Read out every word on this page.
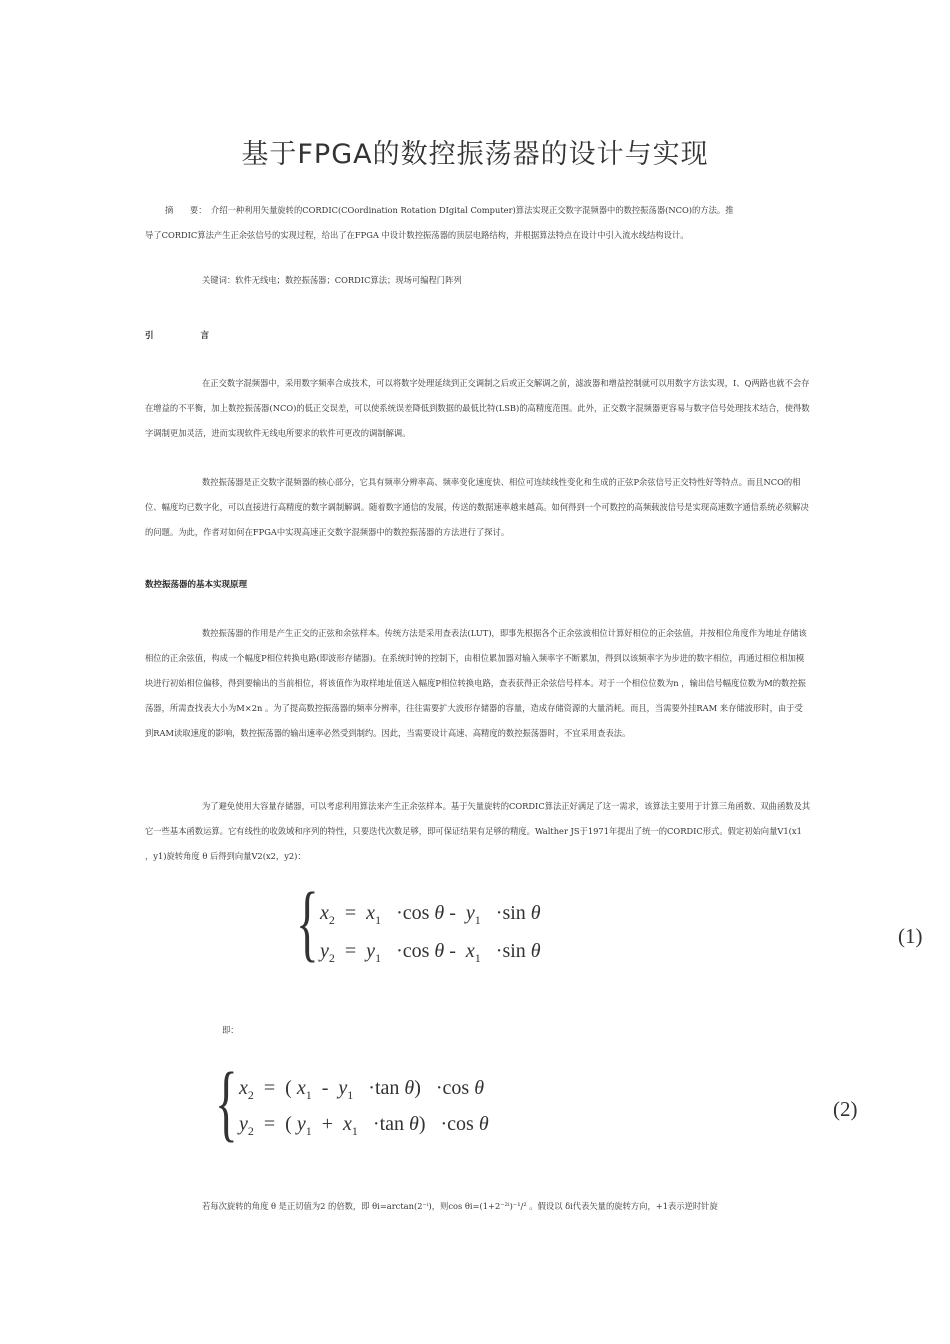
基于FPGA的数控振荡器的设计与实现
摘　　要： 介绍一种利用矢量旋转的CORDIC(COordination Rotation DIgital Computer)算法实现正交数字混频器中的数控振荡器(NCO)的方法。推
导了CORDIC算法产生正余弦信号的实现过程，给出了在FPGA 中设计数控振荡器的顶层电路结构，并根据算法特点在设计中引入流水线结构设计。
关键词：软件无线电；数控振荡器；CORDIC算法；现场可编程门阵列
引	言
在正交数字混频器中，采用数字频率合成技术，可以将数字处理延续到正交调制之后或正交解调之前，滤波器和增益控制就可以用数字方法实现，I、Q两路也就不会存在增益的不平衡，加上数控振荡器(NCO)的低正交误差，可以使系统误差降低到数据的最低比特(LSB)的高精度范围。此外，正交数字混频器更容易与数字信号处理技术结合，使得数字调制更加灵活，进而实现软件无线电所要求的软件可更改的调制解调。
数控振荡器是正交数字混频器的核心部分，它具有频率分辨率高、频率变化速度快、相位可连续线性变化和生成的正弦P余弦信号正交特性好等特点。而且NCO的相位、幅度均已数字化，可以直接进行高精度的数字调制解调。随着数字通信的发展，传送的数据速率越来越高。如何得到一个可数控的高频载波信号是实现高速数字通信系统必须解决的问题。为此，作者对如何在FPGA中实现高速正交数字混频器中的数控振荡器的方法进行了探讨。
数控振荡器的基本实现原理
数控振荡器的作用是产生正交的正弦和余弦样本。传统方法是采用查表法(LUT)，即事先根据各个正余弦波相位计算好相位的正余弦值，并按相位角度作为地址存储该相位的正余弦值，构成一个幅度P相位转换电路(即波形存储器)。在系统时钟的控制下，由相位累加器对输入频率字不断累加，得到以该频率字为步进的数字相位，再通过相位相加模块进行初始相位偏移，得到要输出的当前相位，将该值作为取样地址值送入幅度P相位转换电路，查表获得正余弦信号样本。对于一个相位位数为n ，输出信号幅度位数为M的数控振荡器，所需查找表大小为M×2n 。为了提高数控振荡器的频率分辨率，往往需要扩大波形存储器的容量，造成存储资源的大量消耗。而且，当需要外挂RAM 来存储波形时，由于受到RAM读取速度的影响，数控振荡器的输出速率必然受到制约。因此，当需要设计高速、高精度的数控振荡器时，不宜采用查表法。
为了避免使用大容量存储器，可以考虑利用算法来产生正余弦样本。基于矢量旋转的CORDIC算法正好满足了这一需求，该算法主要用于计算三角函数、双曲函数及其它一些基本函数运算。它有线性的收敛域和序列的特性，只要迭代次数足够，即可保证结果有足够的精度。Walther JS于1971年提出了统一的CORDIC形式。假定初始向量V1(x1 ，y1)旋转角度 θ 后得到向量V2(x2，y2)：
{ $x_2 = x_1 \cdot\cos$ $\theta - y_1 \cdot\sin$ θ
$y_2 = y_1 \cdot\cos$ $\theta - x_1 \cdot\sin$ θ
(1)
即：
{ $x_2$  =  ( $x_1 - y_1 \cdot\tan$ θ)   ·cos θ
$y_2$  =  ( $y_1 + x_1 \cdot\tan$ θ)   ·cos θ
(2)
若每次旋转的角度 θ 是正切值为2 的倍数，即 θi=arctan(2⁻ⁱ)，则cos θi=(1+2⁻²ⁱ)⁻¹/² 。假设以 δi代表矢量的旋转方向，+1表示逆时针旋
